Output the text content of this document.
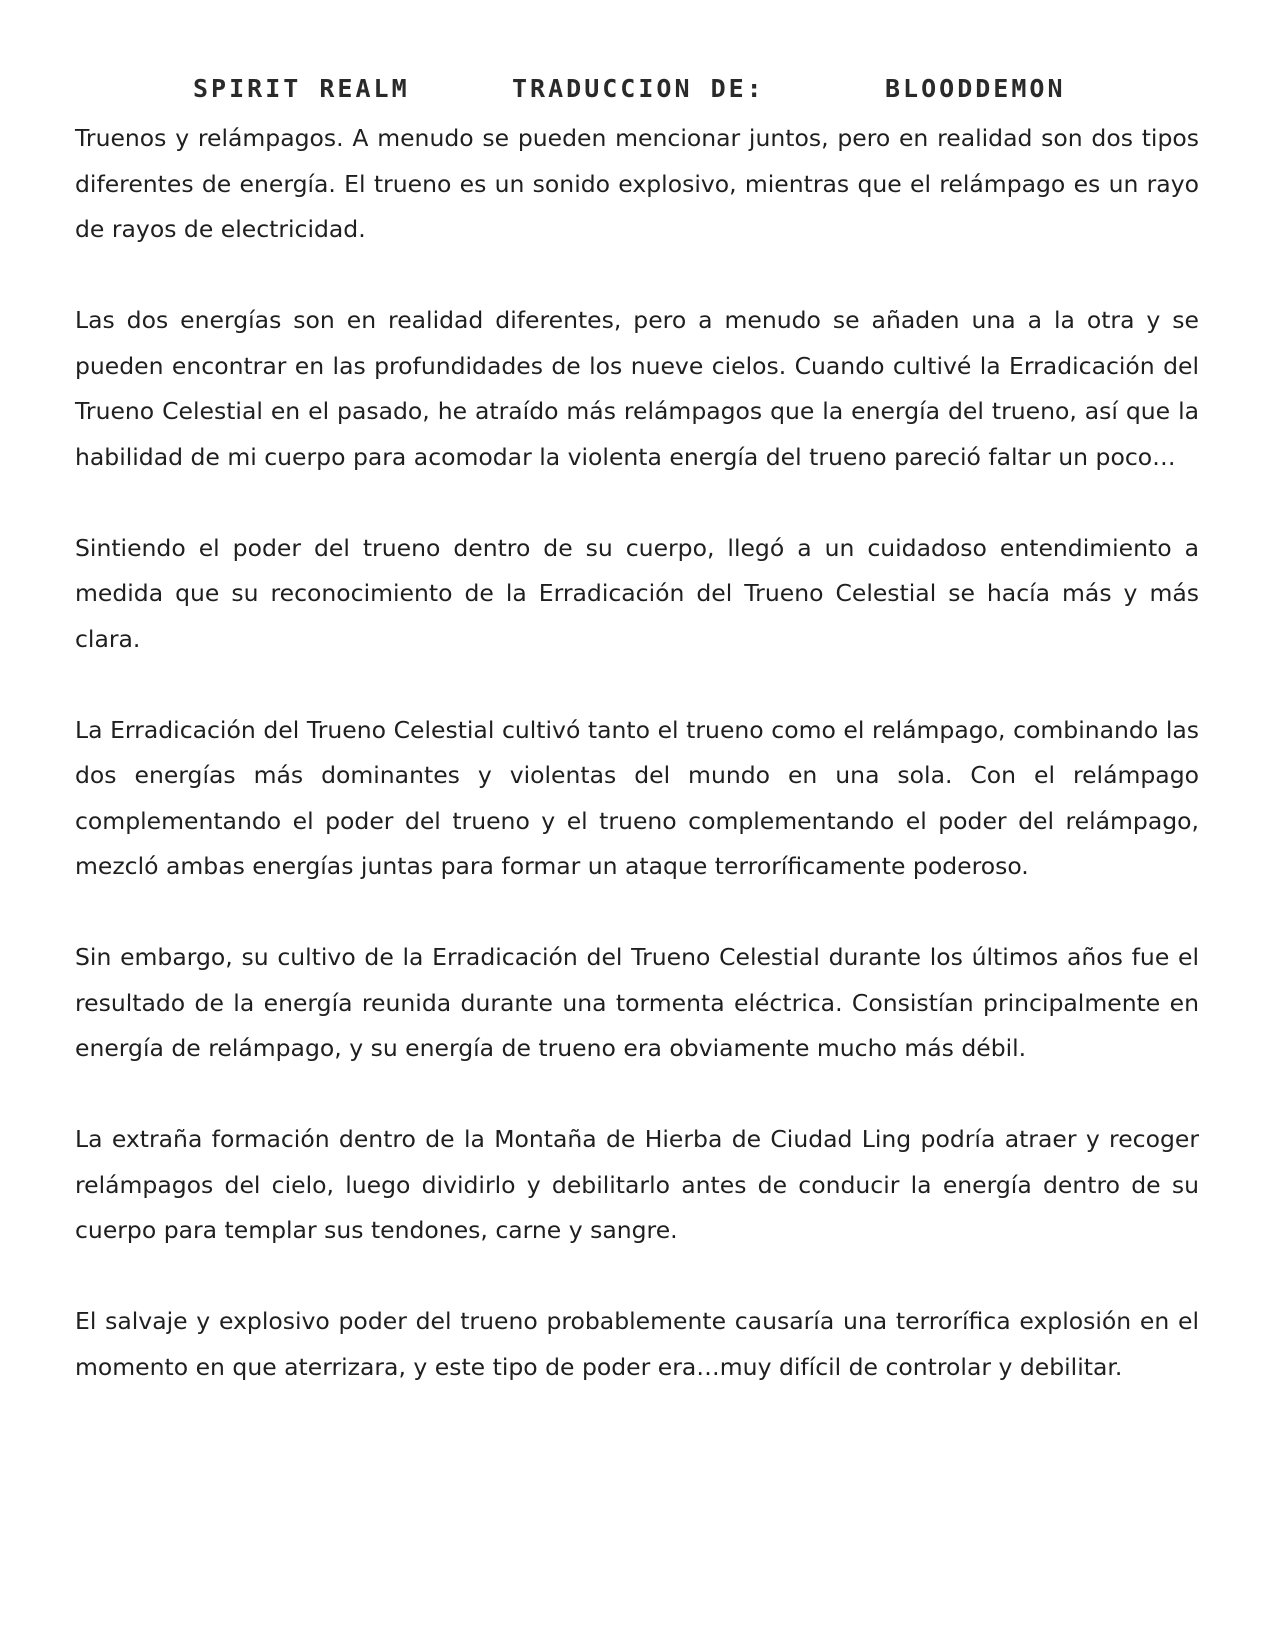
SPIRIT REALM	TRADUCCION DE:	BLOODDEMON

Truenos y relámpagos. A menudo se pueden mencionar juntos, pero en realidad son dos tipos diferentes de energía. El trueno es un sonido explosivo, mientras que el relámpago es un rayo de rayos de electricidad.

Las dos energías son en realidad diferentes, pero a menudo se añaden una a la otra y se pueden encontrar en las profundidades de los nueve cielos. Cuando cultivé la Erradicación del Trueno Celestial en el pasado, he atraído más relámpagos que la energía del trueno, así que la habilidad de mi cuerpo para acomodar la violenta energía del trueno pareció faltar un poco…

Sintiendo el poder del trueno dentro de su cuerpo, llegó a un cuidadoso entendimiento a medida que su reconocimiento de la Erradicación del Trueno Celestial se hacía más y más clara.

La Erradicación del Trueno Celestial cultivó tanto el trueno como el relámpago, combinando las dos energías más dominantes y violentas del mundo en una sola. Con el relámpago complementando el poder del trueno y el trueno complementando el poder del relámpago, mezcló ambas energías juntas para formar un ataque terroríficamente poderoso.

Sin embargo, su cultivo de la Erradicación del Trueno Celestial durante los últimos años fue el resultado de la energía reunida durante una tormenta eléctrica. Consistían principalmente en energía de relámpago, y su energía de trueno era obviamente mucho más débil.

La extraña formación dentro de la Montaña de Hierba de Ciudad Ling podría atraer y recoger relámpagos del cielo, luego dividirlo y debilitarlo antes de conducir la energía dentro de su cuerpo para templar sus tendones, carne y sangre.

El salvaje y explosivo poder del trueno probablemente causaría una terrorífica explosión en el momento en que aterrizara, y este tipo de poder era…muy difícil de controlar y debilitar.
